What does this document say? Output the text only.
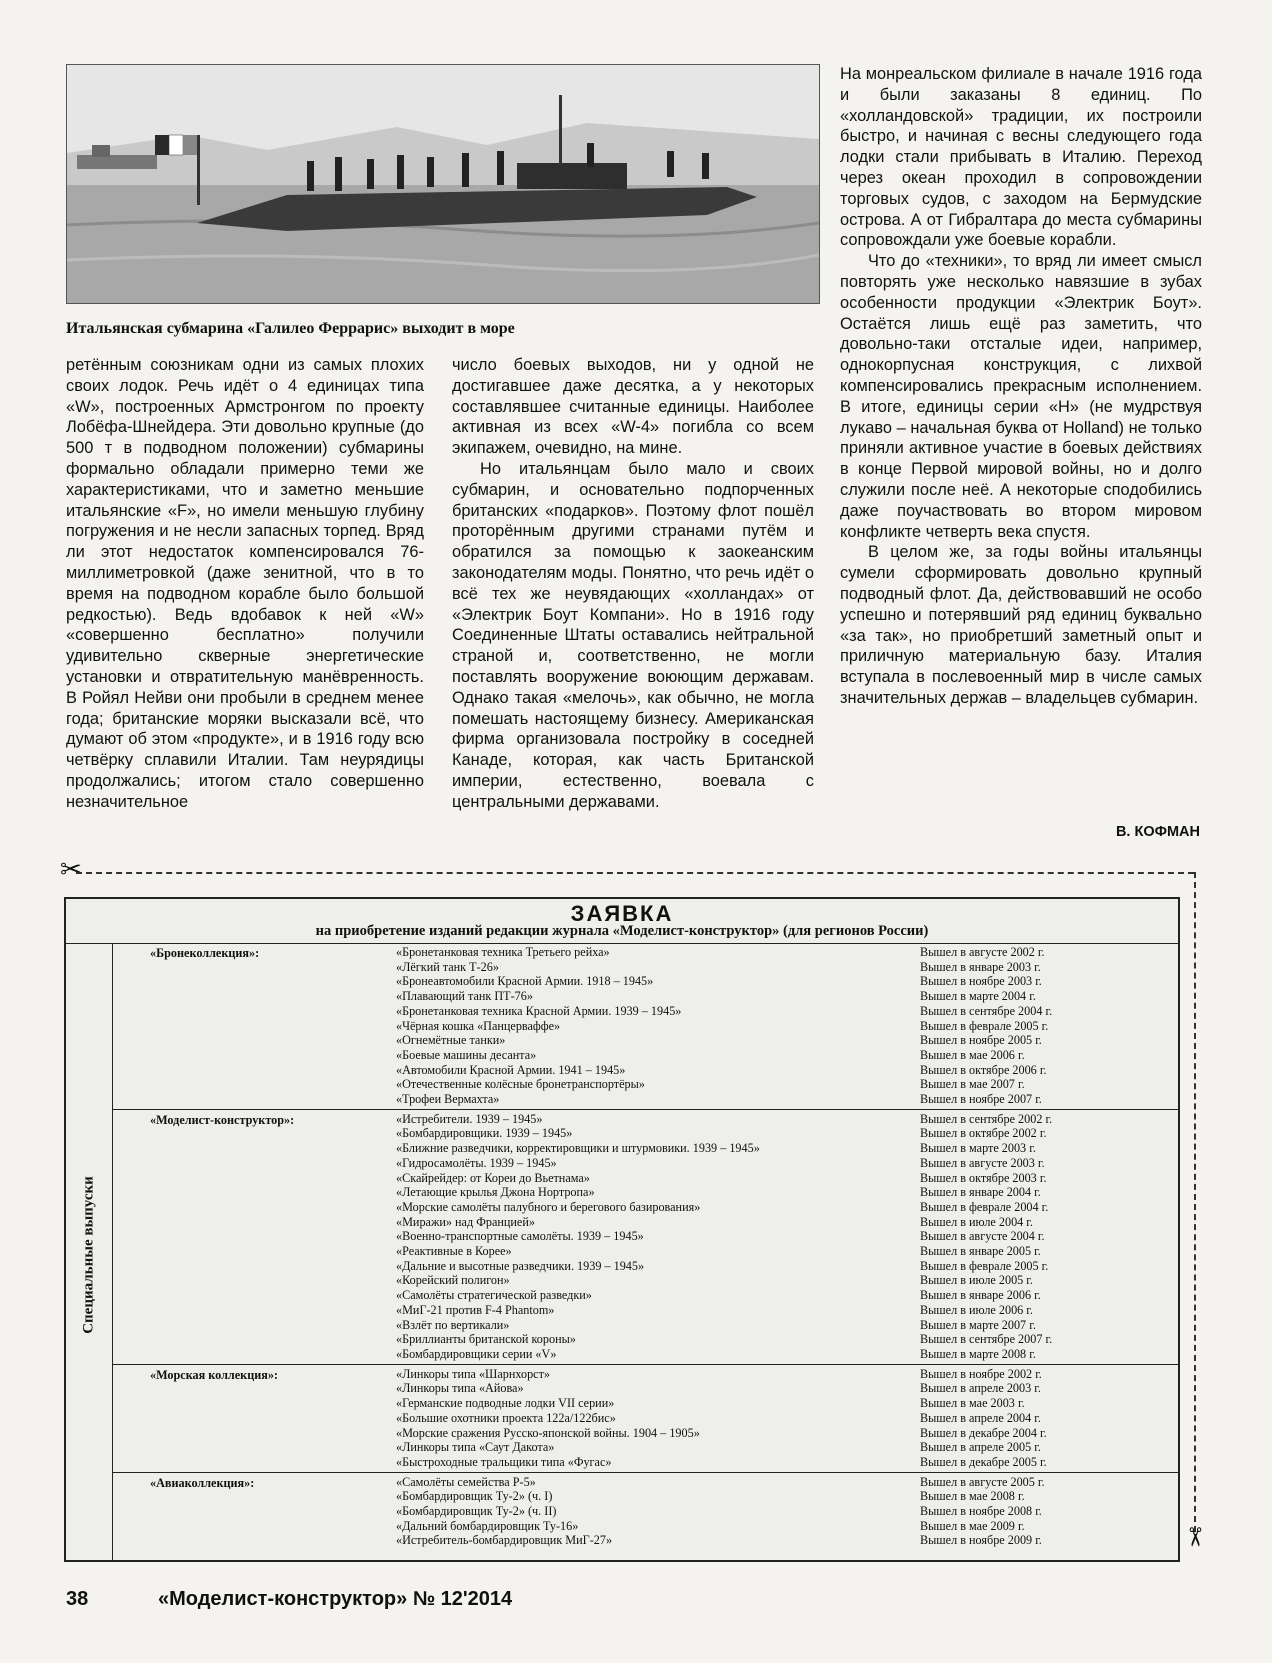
Итальянская субмарина «Галилео Феррарис» выходит в море

ретённым союзникам одни из самых плохих своих лодок. Речь идёт о 4 единицах типа «W», построенных Армстронгом по проекту Лобёфа-Шнейдера. Эти довольно крупные (до 500 т в подводном положении) субмарины формально обладали примерно теми же характеристиками, что и заметно меньшие итальянские «F», но имели меньшую глубину погружения и не несли запасных торпед. Вряд ли этот недостаток компенсировался 76-миллиметровкой (даже зенитной, что в то время на подводном корабле было большой редкостью). Ведь вдобавок к ней «W» «совершенно бесплатно» получили удивительно скверные энергетические установки и отвратительную манёвренность. В Ройял Нейви они пробыли в среднем менее года; британские моряки высказали всё, что думают об этом «продукте», и в 1916 году всю четвёрку сплавили Италии. Там неурядицы продолжались; итогом стало совершенно незначительное

число боевых выходов, ни у одной не достигавшее даже десятка, а у некоторых составлявшее считанные единицы. Наиболее активная из всех «W-4» погибла со всем экипажем, очевидно, на мине.

Но итальянцам было мало и своих субмарин, и основательно подпорченных британских «подарков». Поэтому флот пошёл проторённым другими странами путём и обратился за помощью к заокеанским законодателям моды. Понятно, что речь идёт о всё тех же неувядающих «холландах» от «Электрик Боут Компани». Но в 1916 году Соединенные Штаты оставались нейтральной страной и, соответственно, не могли поставлять вооружение воюющим державам. Однако такая «мелочь», как обычно, не могла помешать настоящему бизнесу. Американская фирма организовала постройку в соседней Канаде, которая, как часть Британской империи, естественно, воевала с центральными державами.

На монреальском филиале в начале 1916 года и были заказаны 8 единиц. По «холландовской» традиции, их построили быстро, и начиная с весны следующего года лодки стали прибывать в Италию. Переход через океан проходил в сопровождении торговых судов, с заходом на Бермудские острова. А от Гибралтара до места субмарины сопровождали уже боевые корабли.

Что до «техники», то вряд ли имеет смысл повторять уже несколько навязшие в зубах особенности продукции «Электрик Боут». Остаётся лишь ещё раз заметить, что довольно-таки отсталые идеи, например, однокорпусная конструкция, с лихвой компенсировались прекрасным исполнением. В итоге, единицы серии «Н» (не мудрствуя лукаво – начальная буква от Holland) не только приняли активное участие в боевых действиях в конце Первой мировой войны, но и долго служили после неё. А некоторые сподобились даже поучаствовать во втором мировом конфликте четверть века спустя.

В целом же, за годы войны итальянцы сумели сформировать довольно крупный подводный флот. Да, действовавший не особо успешно и потерявший ряд единиц буквально «за так», но приобретший заметный опыт и приличную материальную базу. Италия вступала в послевоенный мир в числе самых значительных держав – владельцев субмарин.

В. КОФМАН
✂
✂
ЗАЯВКА
на приобретение изданий редакции журнала «Моделист-конструктор» (для регионов России)
Специальные выпуски
«Бронеколлекция»:	«Бронетанковая техника Третьего рейха»	Вышел в августе 2002 г.
«Лёгкий танк Т-26»	Вышел в январе 2003 г.
«Бронеавтомобили Красной Армии. 1918 – 1945»	Вышел в ноябре 2003 г.
«Плавающий танк ПТ-76»	Вышел в марте 2004 г.
«Бронетанковая техника Красной Армии. 1939 – 1945»	Вышел в сентябре 2004 г.
«Чёрная кошка «Панцерваффе»	Вышел в феврале 2005 г.
«Огнемётные танки»	Вышел в ноябре 2005 г.
«Боевые машины десанта»	Вышел в мае 2006 г.
«Автомобили Красной Армии. 1941 – 1945»	Вышел в октябре 2006 г.
«Отечественные колёсные бронетранспортёры»	Вышел в мае 2007 г.
«Трофеи Вермахта»	Вышел в ноябре 2007 г.
«Моделист-конструктор»:	«Истребители. 1939 – 1945»	Вышел в сентябре 2002 г.
«Бомбардировщики. 1939 – 1945»	Вышел в октябре 2002 г.
«Ближние разведчики, корректировщики и штурмовики. 1939 – 1945»	Вышел в марте 2003 г.
«Гидросамолёты. 1939 – 1945»	Вышел в августе 2003 г.
«Скайрейдер: от Кореи до Вьетнама»	Вышел в октябре 2003 г.
«Летающие крылья Джона Нортропа»	Вышел в январе 2004 г.
«Морские самолёты палубного и берегового базирования»	Вышел в феврале 2004 г.
«Миражи» над Францией»	Вышел в июле 2004 г.
«Военно-транспортные самолёты. 1939 – 1945»	Вышел в августе 2004 г.
«Реактивные в Корее»	Вышел в январе 2005 г.
«Дальние и высотные разведчики. 1939 – 1945»	Вышел в феврале 2005 г.
«Корейский полигон»	Вышел в июле 2005 г.
«Самолёты стратегической разведки»	Вышел в январе 2006 г.
«МиГ-21 против F-4 Phantom»	Вышел в июле 2006 г.
«Взлёт по вертикали»	Вышел в марте 2007 г.
«Бриллианты британской короны»	Вышел в сентябре 2007 г.
«Бомбардировщики серии «V»	Вышел в марте 2008 г.
«Морская коллекция»:	«Линкоры типа «Шарнхорст»	Вышел в ноябре 2002 г.
«Линкоры типа «Айова»	Вышел в апреле 2003 г.
«Германские подводные лодки VII серии»	Вышел в мае 2003 г.
«Большие охотники проекта 122а/122бис»	Вышел в апреле 2004 г.
«Морские сражения Русско-японской войны. 1904 – 1905»	Вышел в декабре 2004 г.
«Линкоры типа «Саут Дакота»	Вышел в апреле 2005 г.
«Быстроходные тральщики типа «Фугас»	Вышел в декабре 2005 г.
«Авиаколлекция»:	«Самолёты семейства Р-5»	Вышел в августе 2005 г.
«Бомбардировщик Ту-2» (ч. I)	Вышел в мае 2008 г.
«Бомбардировщик Ту-2» (ч. II)	Вышел в ноябре 2008 г.
«Дальний бомбардировщик Ту-16»	Вышел в мае 2009 г.
«Истребитель-бомбардировщик МиГ-27»	Вышел в ноябре 2009 г.
38	«Моделист-конструктор» № 12'2014
